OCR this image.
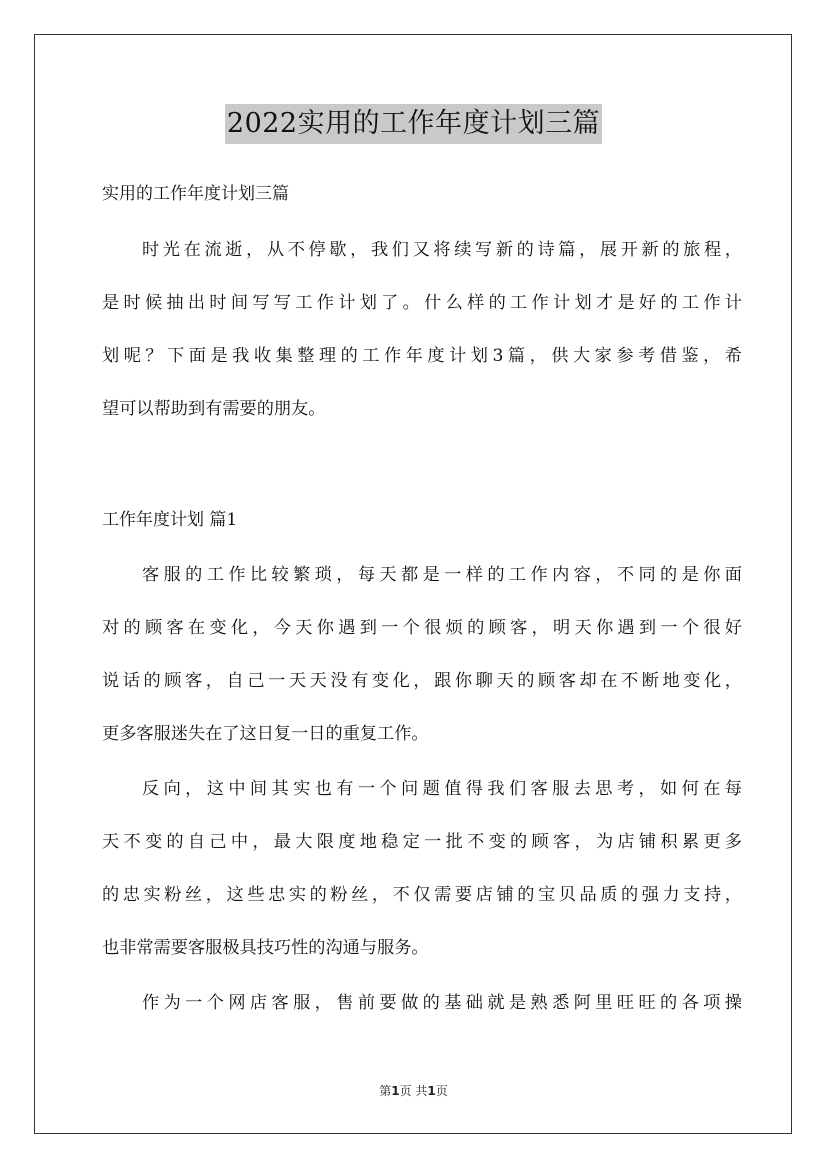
2022实用的工作年度计划三篇
实用的工作年度计划三篇
时光在流逝，从不停歇，我们又将续写新的诗篇，展开新的旅程，
是时候抽出时间写写工作计划了。什么样的工作计划才是好的工作计
划呢？下面是我收集整理的工作年度计划3篇，供大家参考借鉴，希
望可以帮助到有需要的朋友。
工作年度计划 篇1
客服的工作比较繁琐，每天都是一样的工作内容，不同的是你面
对的顾客在变化，今天你遇到一个很烦的顾客，明天你遇到一个很好
说话的顾客，自己一天天没有变化，跟你聊天的顾客却在不断地变化，
更多客服迷失在了这日复一日的重复工作。
反向，这中间其实也有一个问题值得我们客服去思考，如何在每
天不变的自己中，最大限度地稳定一批不变的顾客，为店铺积累更多
的忠实粉丝，这些忠实的粉丝，不仅需要店铺的宝贝品质的强力支持，
也非常需要客服极具技巧性的沟通与服务。
作为一个网店客服，售前要做的基础就是熟悉阿里旺旺的各项操
第1页 共1页
